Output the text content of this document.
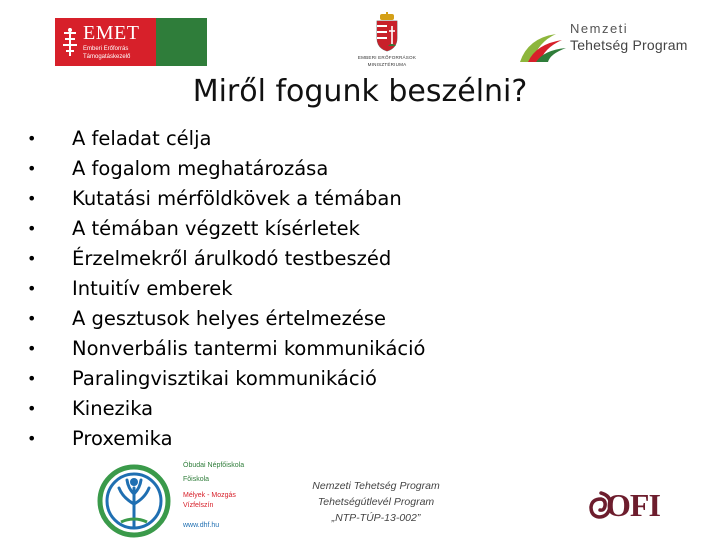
EMET
Emberi Erőforrás
Támogatáskezelő	EMBERI ERŐFORRÁSOK
MINISZTÉRIUMA
Nemzeti
Tehetség Program
Miről fogunk beszélni?
• A feladat célja
• A fogalom meghatározása
• Kutatási mérföldkövek a témában
• A témában végzett kísérletek
• Érzelmekről árulkodó testbeszéd
• Intuitív emberek
• A gesztusok helyes értelmezése
• Nonverbális tantermi kommunikáció
• Paralingvisztikai kommunikáció
• Kinezika
• Proxemika
Óbudai Népfőiskola
Fõiskola
Mélyek - Mozgás
Vízfelszín
www.dhf.hu
Nemzeti Tehetség Program
Tehetségútlevél Program
„NTP-TÚP-13-002”	OFI
